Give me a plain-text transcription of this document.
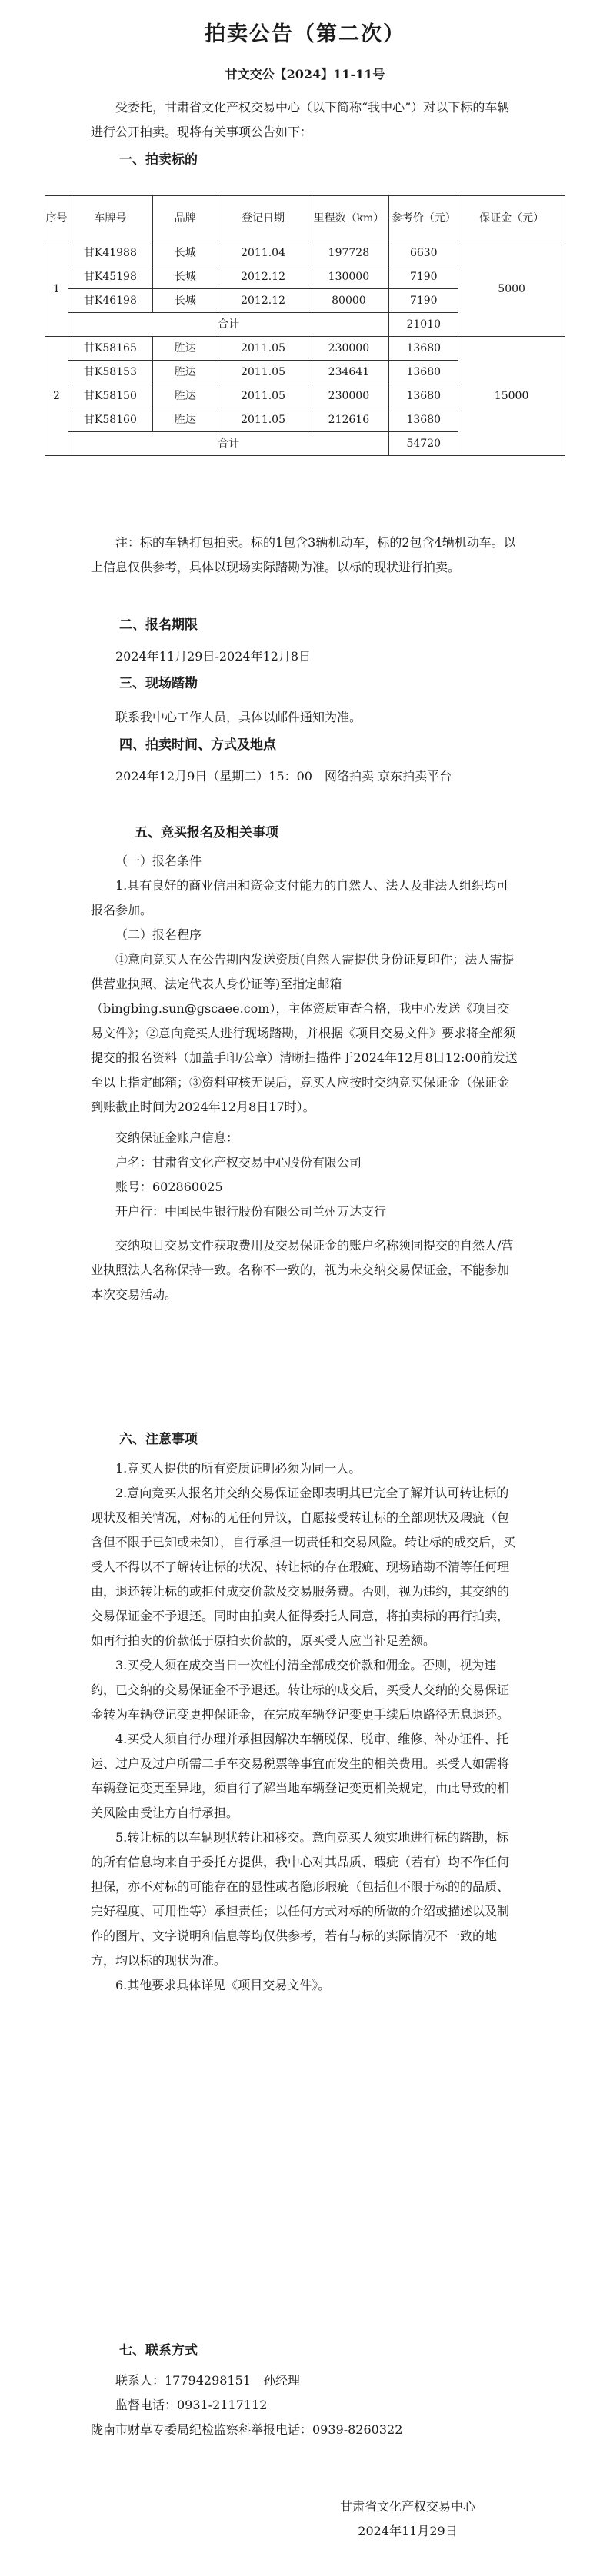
拍卖公告（第二次）
甘文交公【2024】11-11号

受委托，甘肃省文化产权交易中心（以下简称“我中心”）对以下标的车辆进行公开拍卖。现将有关事项公告如下：

一、拍卖标的
序号	车牌号	品牌	登记日期	里程数（km）	参考价（元）	保证金（元）
1	甘K41988	长城	2011.04	197728	6630	5000
	甘K45198	长城	2012.12	130000	7190	
	甘K46198	长城	2012.12	80000	7190	
	合计				21010	
2	甘K58165	胜达	2011.05	230000	13680	15000
	甘K58153	胜达	2011.05	234641	13680	
	甘K58150	胜达	2011.05	230000	13680	
	甘K58160	胜达	2011.05	212616	13680	
	合计				54720	

注：标的车辆打包拍卖。标的1包含3辆机动车，标的2包含4辆机动车。以上信息仅供参考，具体以现场实际踏勘为准。以标的现状进行拍卖。

二、报名期限

2024年11月29日-2024年12月8日

三、现场踏勘

联系我中心工作人员，具体以邮件通知为准。

四、拍卖时间、方式及地点

2024年12月9日（星期二）15：00　网络拍卖 京东拍卖平台

五、竞买报名及相关事项

（一）报名条件

1.具有良好的商业信用和资金支付能力的自然人、法人及非法人组织均可报名参加。

（二）报名程序

①意向竞买人在公告期内发送资质(自然人需提供身份证复印件；法人需提供营业执照、法定代表人身份证等)至指定邮箱（bingbing.sun@gscaee.com），主体资质审查合格，我中心发送《项目交易文件》；②意向竞买人进行现场踏勘，并根据《项目交易文件》要求将全部须提交的报名资料（加盖手印/公章）清晰扫描件于2024年12月8日12:00前发送至以上指定邮箱；③资料审核无误后，竞买人应按时交纳竞买保证金（保证金到账截止时间为2024年12月8日17时）。

交纳保证金账户信息：

户名：甘肃省文化产权交易中心股份有限公司

账号：602860025

开户行：中国民生银行股份有限公司兰州万达支行

交纳项目交易文件获取费用及交易保证金的账户名称须同提交的自然人/营业执照法人名称保持一致。名称不一致的，视为未交纳交易保证金，不能参加本次交易活动。

六、注意事项

1.竞买人提供的所有资质证明必须为同一人。

2.意向竞买人报名并交纳交易保证金即表明其已完全了解并认可转让标的现状及相关情况，对标的无任何异议，自愿接受转让标的全部现状及瑕疵（包含但不限于已知或未知），自行承担一切责任和交易风险。转让标的成交后，买受人不得以不了解转让标的状况、转让标的存在瑕疵、现场踏勘不清等任何理由，退还转让标的或拒付成交价款及交易服务费。否则，视为违约，其交纳的交易保证金不予退还。同时由拍卖人征得委托人同意，将拍卖标的再行拍卖，如再行拍卖的价款低于原拍卖价款的，原买受人应当补足差额。

3.买受人须在成交当日一次性付清全部成交价款和佣金。否则，视为违约，已交纳的交易保证金不予退还。转让标的成交后，买受人交纳的交易保证金转为车辆登记变更押保证金，在完成车辆登记变更手续后原路径无息退还。

4.买受人须自行办理并承担因解决车辆脱保、脱审、维修、补办证件、托运、过户及过户所需二手车交易税票等事宜而发生的相关费用。买受人如需将车辆登记变更至异地，须自行了解当地车辆登记变更相关规定，由此导致的相关风险由受让方自行承担。

5.转让标的以车辆现状转让和移交。意向竞买人须实地进行标的踏勘，标的所有信息均来自于委托方提供，我中心对其品质、瑕疵（若有）均不作任何担保，亦不对标的可能存在的显性或者隐形瑕疵（包括但不限于标的的品质、完好程度、可用性等）承担责任；以任何方式对标的所做的介绍或描述以及制作的图片、文字说明和信息等均仅供参考，若有与标的实际情况不一致的地方，均以标的现状为准。

6.其他要求具体详见《项目交易文件》。

七、联系方式

联系人：17794298151　孙经理

监督电话：0931-2117112

陇南市财草专委局纪检监察科举报电话：0939-8260322

甘肃省文化产权交易中心
2024年11月29日
